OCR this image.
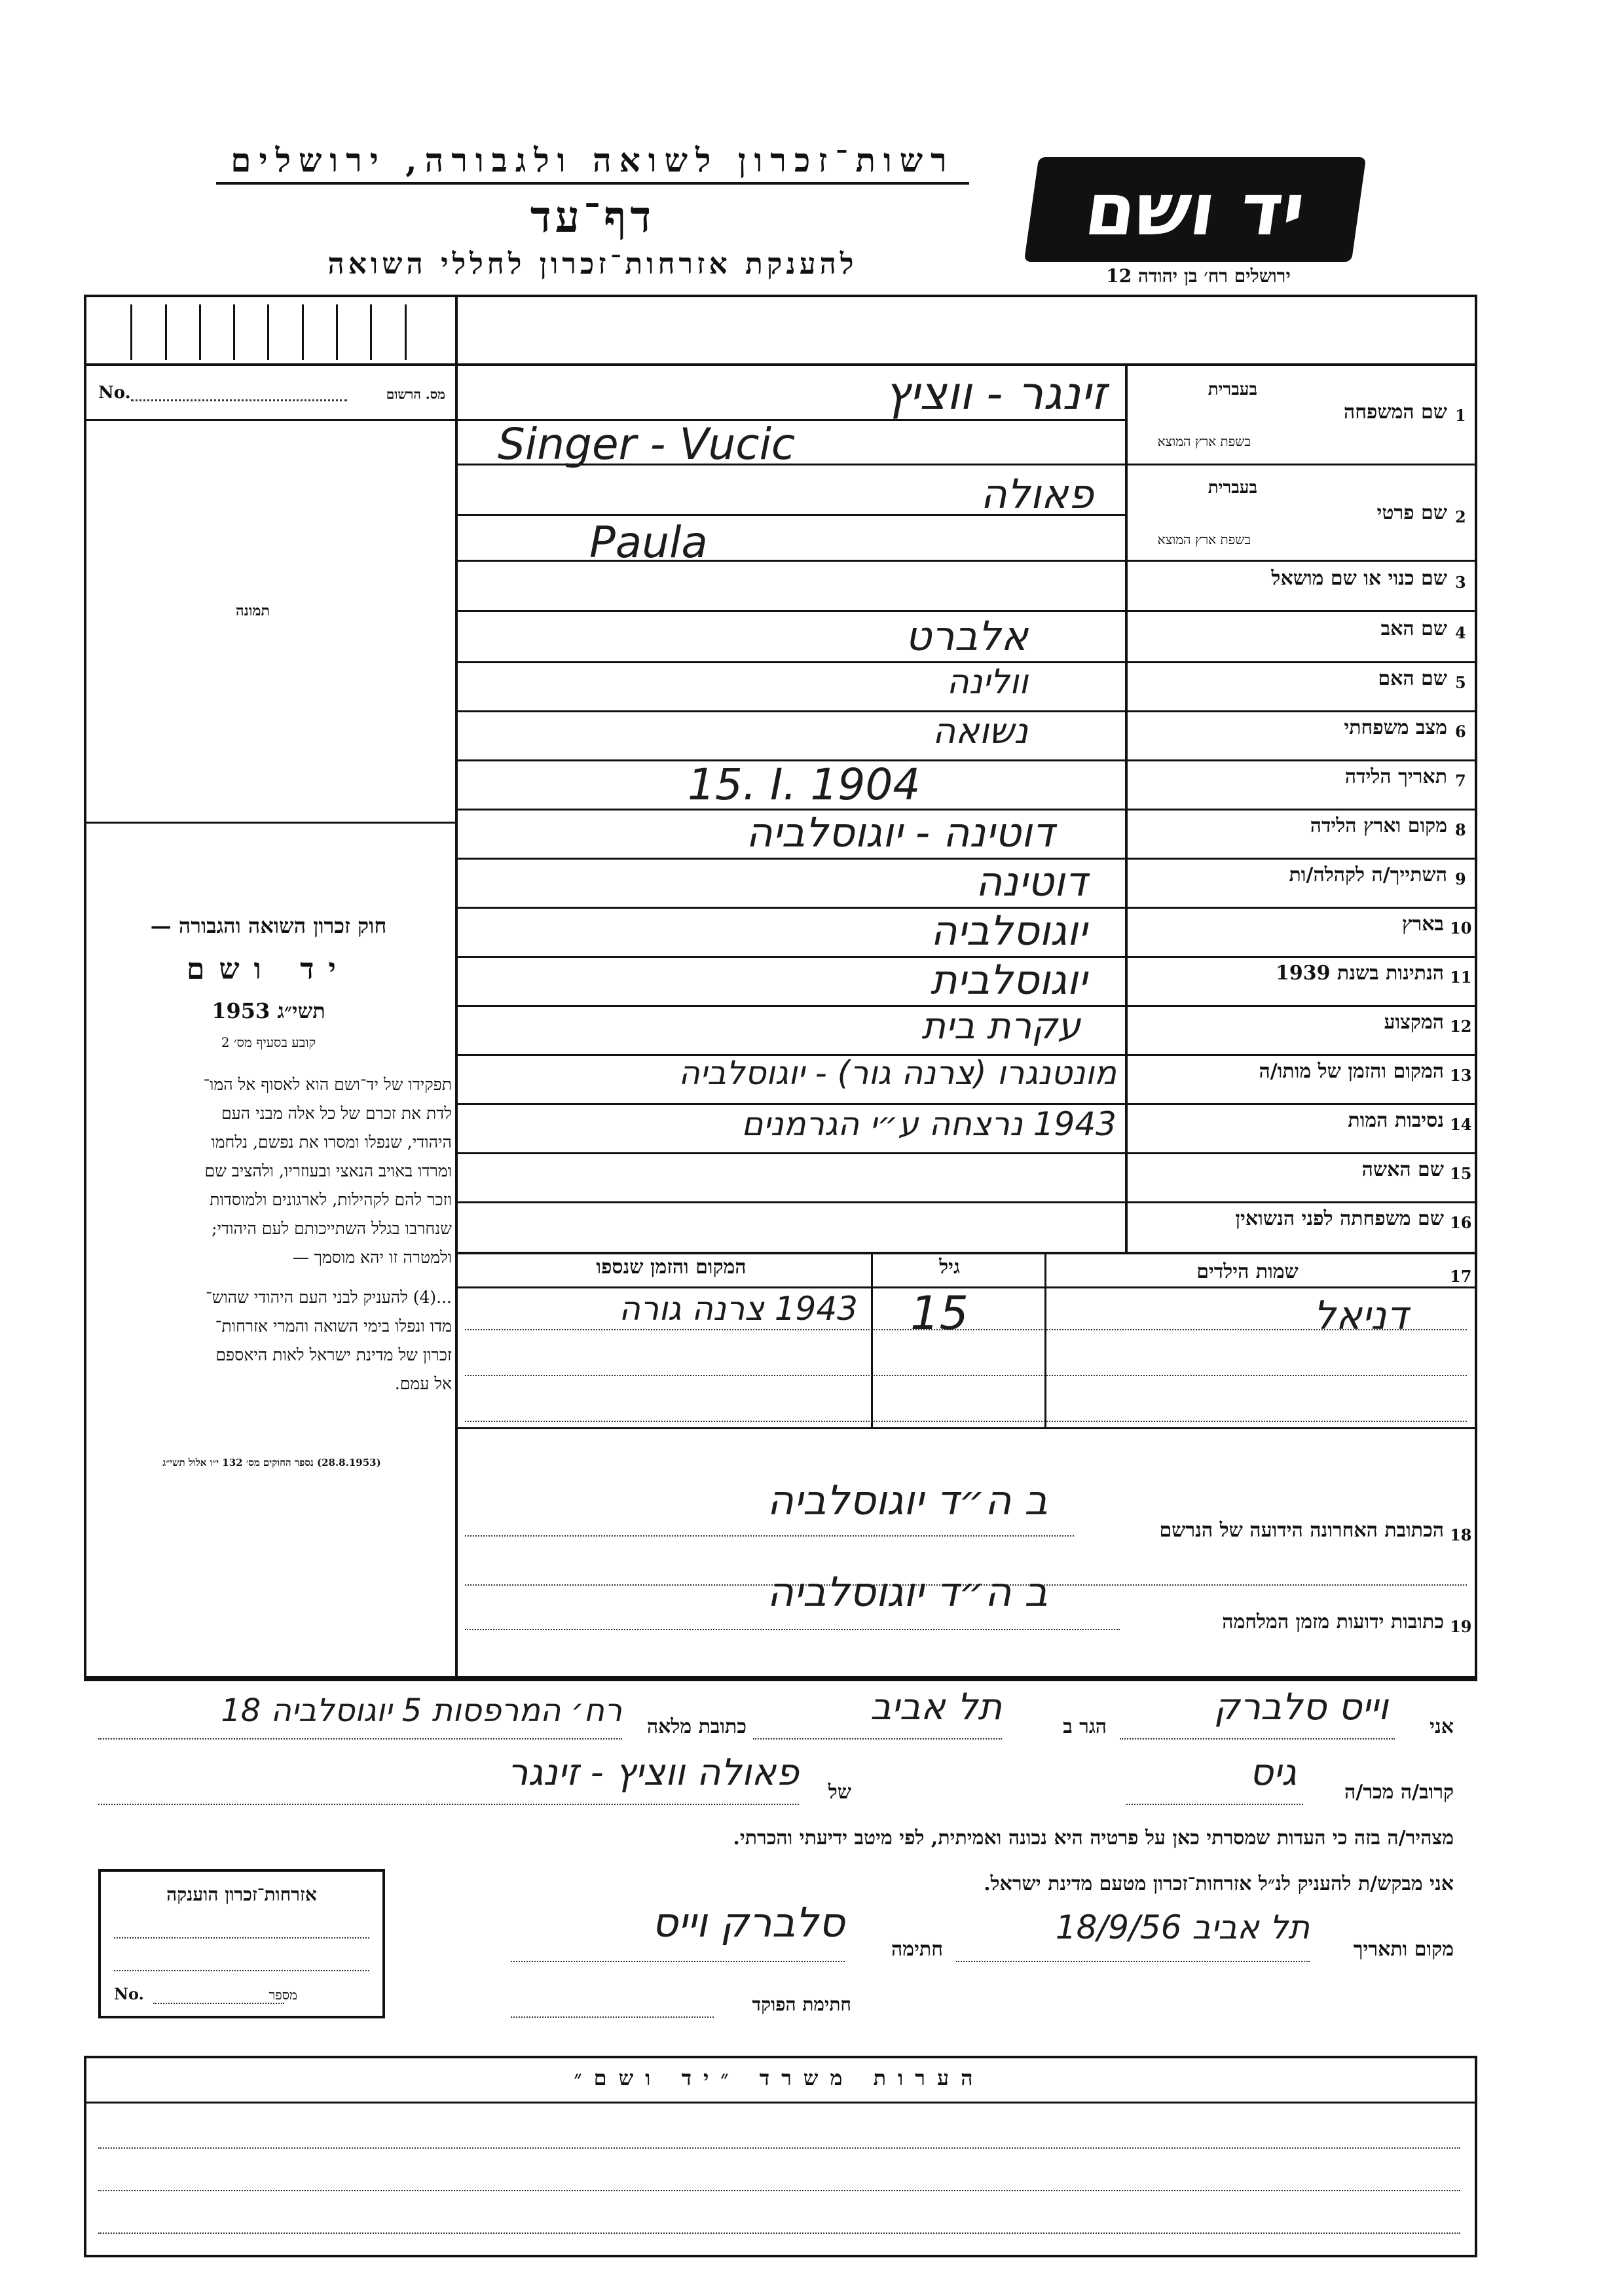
רשות־זכרון לשואה ולגבורה, ירושלים
דף־עד
להענקת אזרחות־זכרון לחללי השואה
יד ושם
ירושלים רח׳ בן יהודה 12
No.	מס. הרשום
תמונה
חוק זכרון השואה והגבורה —
יד ושם
תשי״ג 1953
קובע בסעיף מס׳ 2
תפקידו של יד־ושם הוא לאסוף אל המו־
לדת את זכרם של כל אלה מבני העם
היהודי, שנפלו ומסרו את נפשם, נלחמו
ומרדו באויב הנאצי ובעוזריו, ולהציב שם
וזכר להם לקהילות, לארגונים ולמוסדות
שנחרבו בגלל השתייכותם לעם היהודי;
ולמטרה זו יהא מוסמך —
...(4) להעניק לבני העם היהודי שהוש־
מדו ונפלו בימי השואה והמרי אזרחות־
זכרון של מדינת ישראל לאות היאספם
אל עמם.
(28.8.1953) נספר החוקים מס׳ 132 י״ו אלול תשי״ג
1
שם המשפחה
בעברית
בשפת ארץ המוצא
2
שם פרטי
בעברית
בשפת ארץ המוצא
3
שם כנוי או שם מושאל
4
שם האב
5
שם האם
6
מצב משפחתי
7
תאריך הלידה
8
מקום וארץ הלידה
9
השתייך/ה לקהלה/ות
10
בארץ
11
הנתינות בשנת 1939
12
המקצוע
13
המקום והזמן של מותו/ה
14
נסיבות המות
15
שם האשה
16
שם משפחתה לפני הנשואין
זינגר - ווציץ
Singer - Vucic
פאולה
Paula
אלברט
וולינה
נשואה
15. I. 1904
דוטינה - יוגוסלביה
דוטינה
יוגוסלביה
יוגוסלבית
עקרת בית
מונטנגרו (צרנה גור) - יוגוסלביה
1943 נרצחה ע״י הגרמנים
17
שמות הילדים
גיל
המקום והזמן שנספו
דניאל
15
1943 צרנה גורה
18
הכתובת האחרונה הידועה של הנרשם
ב ה״ד יוגוסלביה
19
כתובות ידועות מזמן המלחמה
ב ה״ד יוגוסלביה
אני
וייס סלברק
הגר ב
תל אביב
כתובת מלאה
רח׳ המרפסות 5 יוגוסלביה 18
קרוב/ה מכר/ה
גיס
של
פאולה ווציץ - זינגר
מצהיר/ה בזה כי העדות שמסרתי כאן על פרטיה היא נכונה ואמיתית, לפי מיטב ידיעתי והכרתי.
אני מבקש/ת להעניק לנ״ל אזרחות־זכרון מטעם מדינת ישראל.
מקום ותאריך
תל אביב 18/9/56
חתימה
סלברק וייס
חתימת הפוקד
אזרחות־זכרון הוענקה
No.	מספר
הערות משרד ״יד ושם״
